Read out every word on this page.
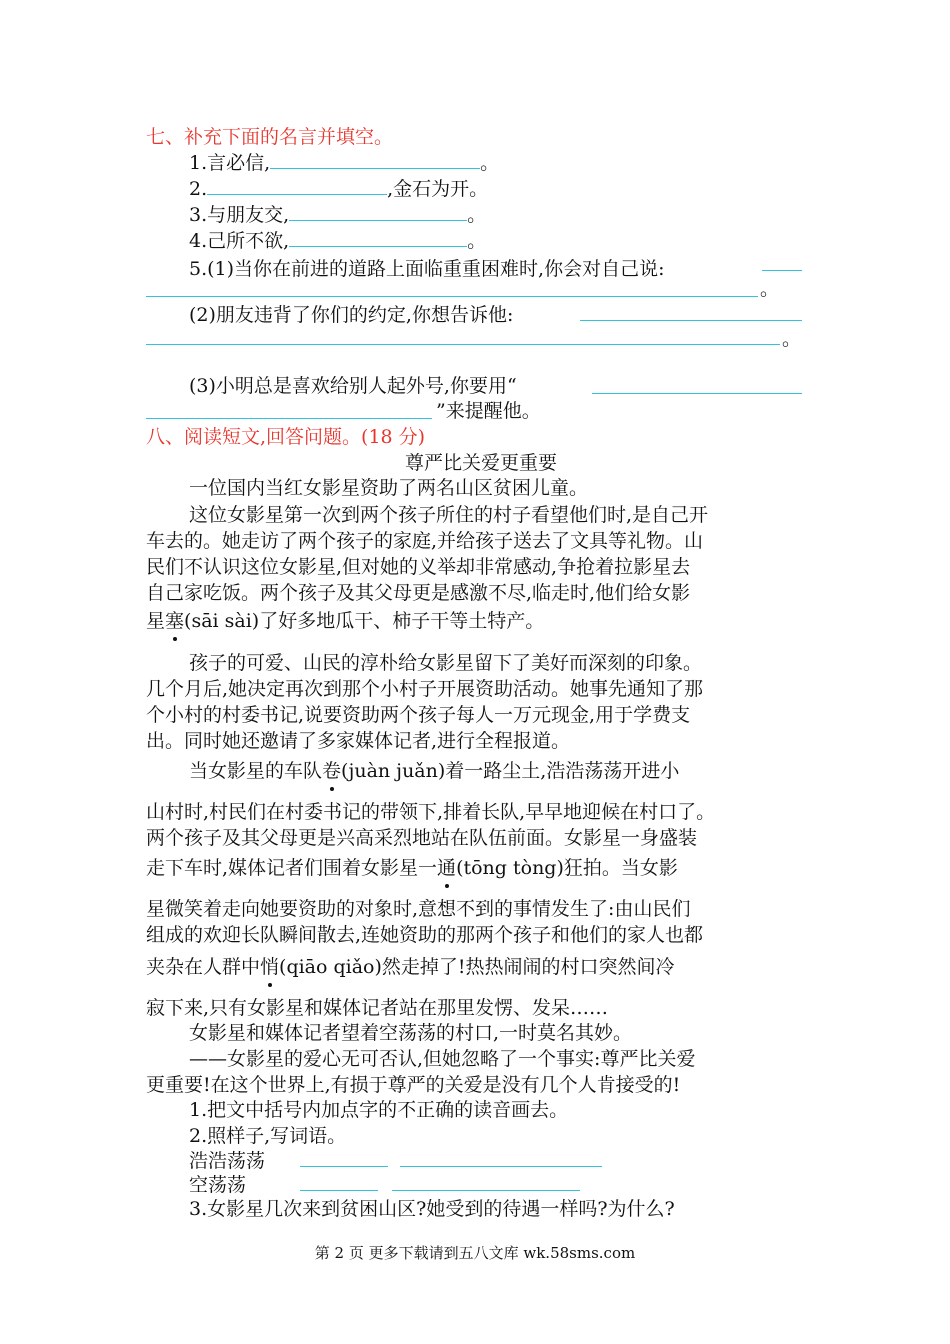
七、补充下面的名言并填空。
1.言必信,	。
2.	,金石为开。
3.与朋友交,	。
4.己所不欲,	。
5.(1)当你在前进的道路上面临重重困难时,你会对自己说:
。
(2)朋友违背了你们的约定,你想告诉他:
。
(3)小明总是喜欢给别人起外号,你要用“
”来提醒他。
八、阅读短文,回答问题。(18 分)
尊严比关爱更重要
一位国内当红女影星资助了两名山区贫困儿童。
这位女影星第一次到两个孩子所住的村子看望他们时,是自己开
车去的。她走访了两个孩子的家庭,并给孩子送去了文具等礼物。山
民们不认识这位女影星,但对她的义举却非常感动,争抢着拉影星去
自己家吃饭。两个孩子及其父母更是感激不尽,临走时,他们给女影
星塞(sāi sài)了好多地瓜干、柿子干等土特产。
孩子的可爱、山民的淳朴给女影星留下了美好而深刻的印象。
几个月后,她决定再次到那个小村子开展资助活动。她事先通知了那
个小村的村委书记,说要资助两个孩子每人一万元现金,用于学费支
出。同时她还邀请了多家媒体记者,进行全程报道。
当女影星的车队卷(juàn juǎn)着一路尘土,浩浩荡荡开进小
山村时,村民们在村委书记的带领下,排着长队,早早地迎候在村口了。
两个孩子及其父母更是兴高采烈地站在队伍前面。女影星一身盛装
走下车时,媒体记者们围着女影星一通(tōng tòng)狂拍。当女影
星微笑着走向她要资助的对象时,意想不到的事情发生了:由山民们
组成的欢迎长队瞬间散去,连她资助的那两个孩子和他们的家人也都
夹杂在人群中悄(qiāo qiǎo)然走掉了!热热闹闹的村口突然间冷
寂下来,只有女影星和媒体记者站在那里发愣、发呆……
女影星和媒体记者望着空荡荡的村口,一时莫名其妙。
——女影星的爱心无可否认,但她忽略了一个事实:尊严比关爱
更重要!在这个世界上,有损于尊严的关爱是没有几个人肯接受的!
1.把文中括号内加点字的不正确的读音画去。
2.照样子,写词语。
浩浩荡荡
空荡荡
3.女影星几次来到贫困山区?她受到的待遇一样吗?为什么?
第 2 页 更多下载请到五八文库 wk.58sms.com
